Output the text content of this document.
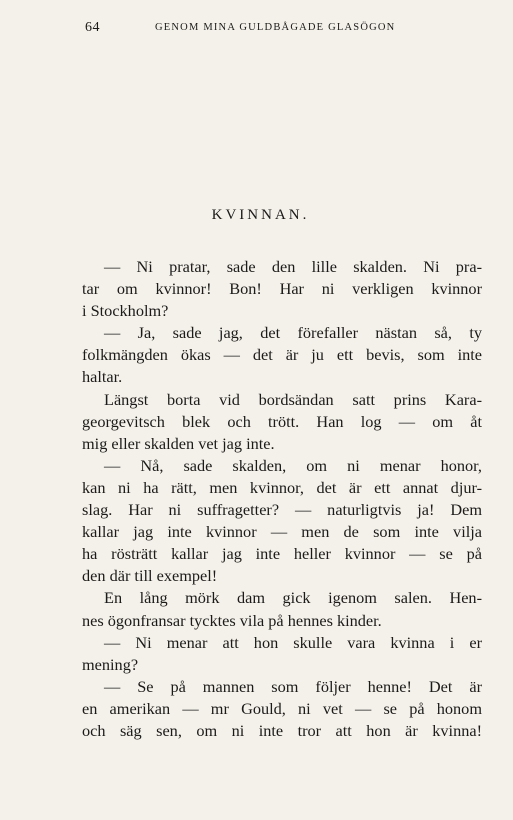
64	GENOM MINA GULDBÅGADE GLASÖGON
KVINNAN.
— Ni pratar, sade den lille skalden. Ni pra-
tar om kvinnor! Bon! Har ni verkligen kvinnor
i Stockholm?
— Ja, sade jag, det förefaller nästan så, ty
folkmängden ökas — det är ju ett bevis, som inte
haltar.
Längst borta vid bordsändan satt prins Kara-
georgevitsch blek och trött. Han log — om åt
mig eller skalden vet jag inte.
— Nå, sade skalden, om ni menar honor,
kan ni ha rätt, men kvinnor, det är ett annat djur-
slag. Har ni suffragetter? — naturligtvis ja! Dem
kallar jag inte kvinnor — men de som inte vilja
ha rösträtt kallar jag inte heller kvinnor — se på
den där till exempel!
En lång mörk dam gick igenom salen. Hen-
nes ögonfransar tycktes vila på hennes kinder.
— Ni menar att hon skulle vara kvinna i er
mening?
— Se på mannen som följer henne! Det är
en amerikan — mr Gould, ni vet — se på honom
och säg sen, om ni inte tror att hon är kvinna!
